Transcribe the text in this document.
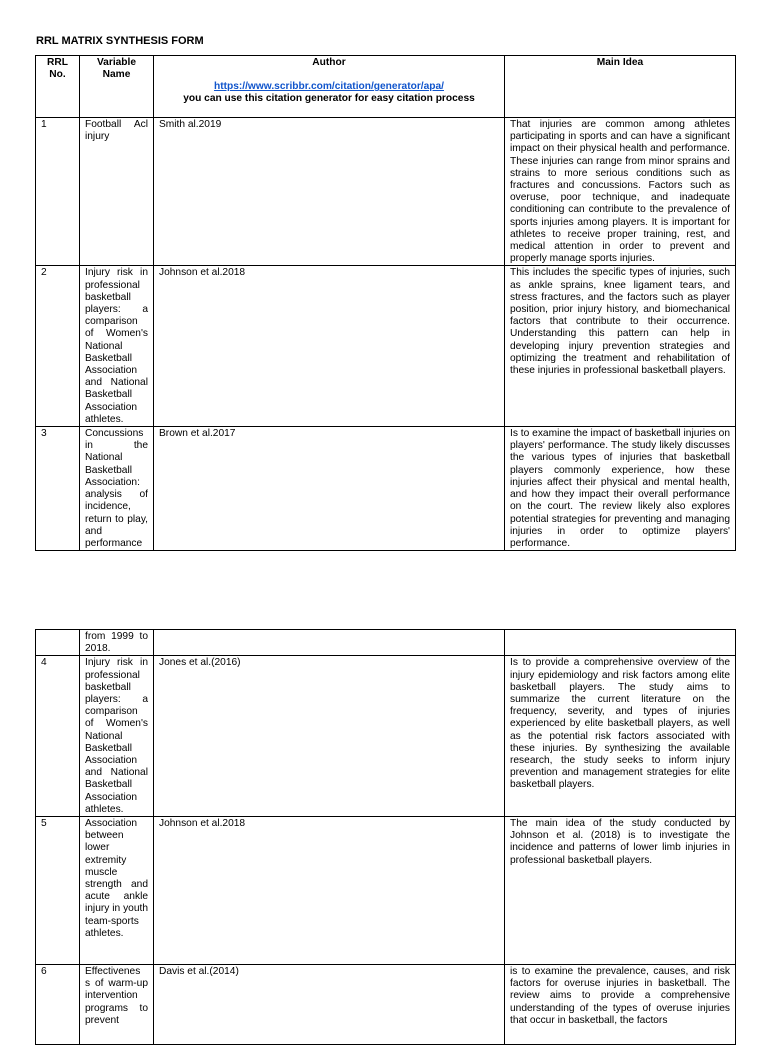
RRL MATRIX SYNTHESIS FORM

RRL No.	Variable Name	Author
https://www.scribbr.com/citation/generator/apa/
you can use this citation generator for easy citation process	Main Idea
1	Football Acl injury	Smith al.2019	That injuries are common among athletes participating in sports and can have a significant impact on their physical health and performance. These injuries can range from minor sprains and strains to more serious conditions such as fractures and concussions. Factors such as overuse, poor technique, and inadequate conditioning can contribute to the prevalence of sports injuries among players. It is important for athletes to receive proper training, rest, and medical attention in order to prevent and properly manage sports injuries.
2	Injury risk in professional basketball players: a comparison of Women's National Basketball Association and National Basketball Association athletes.	Johnson et al.2018	This includes the specific types of injuries, such as ankle sprains, knee ligament tears, and stress fractures, and the factors such as player position, prior injury history, and biomechanical factors that contribute to their occurrence. Understanding this pattern can help in developing injury prevention strategies and optimizing the treatment and rehabilitation of these injuries in professional basketball players.
3	Concussions in the National Basketball Association: analysis of incidence, return to play, and performance	Brown et al.2017	Is to examine the impact of basketball injuries on players' performance. The study likely discusses the various types of injuries that basketball players commonly experience, how these injuries affect their physical and mental health, and how they impact their overall performance on the court. The review likely also explores potential strategies for preventing and managing injuries in order to optimize players' performance.
	from 1999 to 2018.		
4	Injury risk in professional basketball players: a comparison of Women's National Basketball Association and National Basketball Association athletes.	Jones et al.(2016)	Is to provide a comprehensive overview of the injury epidemiology and risk factors among elite basketball players. The study aims to summarize the current literature on the frequency, severity, and types of injuries experienced by elite basketball players, as well as the potential risk factors associated with these injuries. By synthesizing the available research, the study seeks to inform injury prevention and management strategies for elite basketball players.
5	Association between lower extremity muscle strength and acute ankle injury in youth team-sports athletes.	Johnson et al.2018	The main idea of the study conducted by Johnson et al. (2018) is to investigate the incidence and patterns of lower limb injuries in professional basketball players.
6	Effectivenes s of warm-up intervention programs to prevent	Davis et al.(2014)	is to examine the prevalence, causes, and risk factors for overuse injuries in basketball. The review aims to provide a comprehensive understanding of the types of overuse injuries that occur in basketball, the factors
